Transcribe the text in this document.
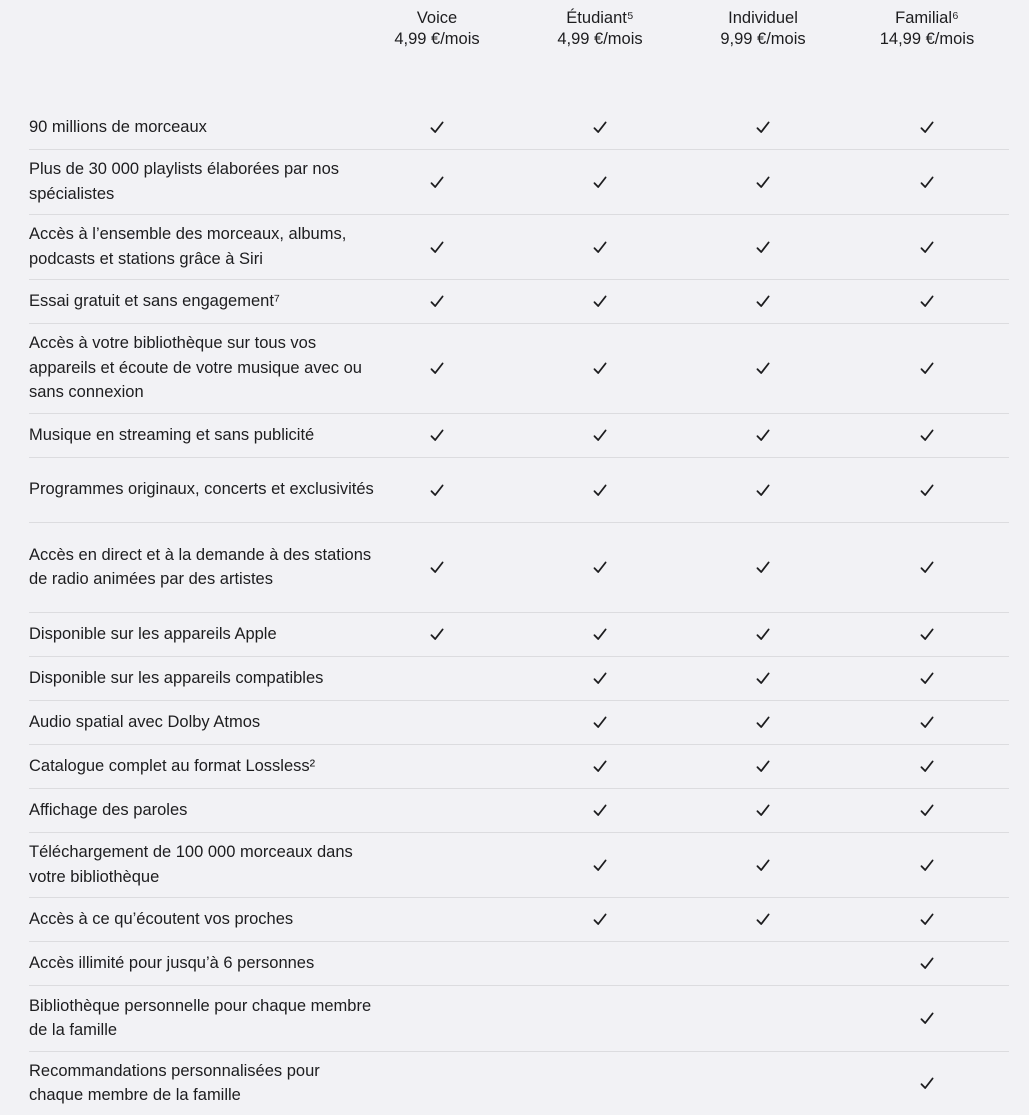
Voice
4,99 €/mois
Étudiant⁵
4,99 €/mois
Individuel
9,99 €/mois
Familial⁶
14,99 €/mois
90 millions de morceaux
Plus de 30 000 playlists élaborées par nos spécialistes
Accès à l’ensemble des morceaux, albums, podcasts et stations grâce à Siri
Essai gratuit et sans engagement⁷
Accès à votre bibliothèque sur tous vos appareils et écoute de votre musique avec ou sans connexion
Musique en streaming et sans publicité
Programmes originaux, concerts et exclusivités
Accès en direct et à la demande à des stations de radio animées par des artistes
Disponible sur les appareils Apple
Disponible sur les appareils compatibles
Audio spatial avec Dolby Atmos
Catalogue complet au format Lossless²
Affichage des paroles
Téléchargement de 100 000 morceaux dans votre bibliothèque
Accès à ce qu’écoutent vos proches
Accès illimité pour jusqu’à 6 personnes
Bibliothèque personnelle pour chaque membre de la famille
Recommandations personnalisées pour chaque membre de la famille
